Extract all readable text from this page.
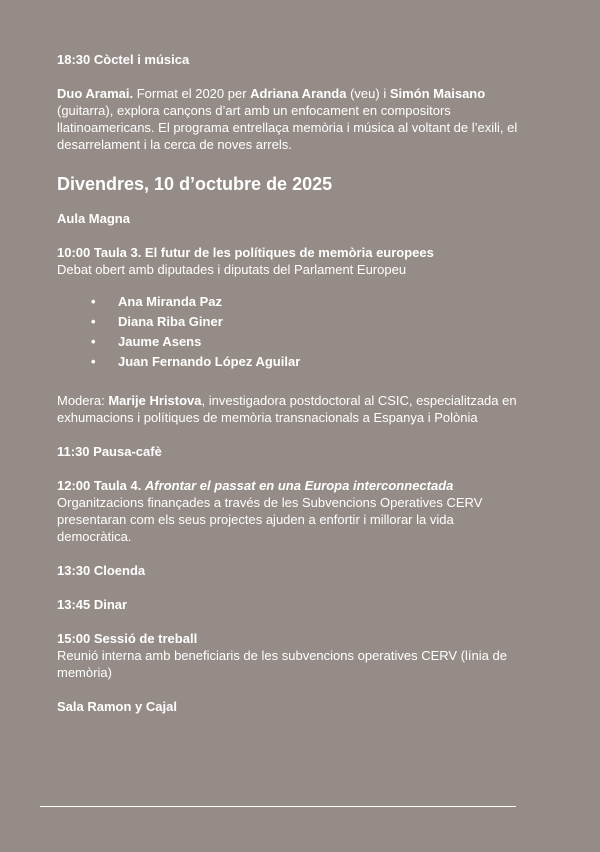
18:30 Còctel i música

Duo Aramai. Format el 2020 per Adriana Aranda (veu) i Simón Maisano (guitarra), explora cançons d’art amb un enfocament en compositors llatinoamericans. El programa entrellaça memòria i música al voltant de l’exili, el desarrelament i la cerca de noves arrels.

Divendres, 10 d’octubre de 2025

Aula Magna

10:00 Taula 3. El futur de les polítiques de memòria europees

Debat obert amb diputades i diputats del Parlament Europeu

• Ana Miranda Paz
• Diana Riba Giner
• Jaume Asens
• Juan Fernando López Aguilar

Modera: Marije Hristova, investigadora postdoctoral al CSIC, especialitzada en exhumacions i polítiques de memòria transnacionals a Espanya i Polònia

11:30 Pausa-cafè

12:00 Taula 4. Afrontar el passat en una Europa interconnectada

Organitzacions finançades a través de les Subvencions Operatives CERV presentaran com els seus projectes ajuden a enfortir i millorar la vida democràtica.

13:30 Cloenda

13:45 Dinar

15:00 Sessió de treball

Reunió interna amb beneficiaris de les subvencions operatives CERV (línia de memòria)

Sala Ramon y Cajal
